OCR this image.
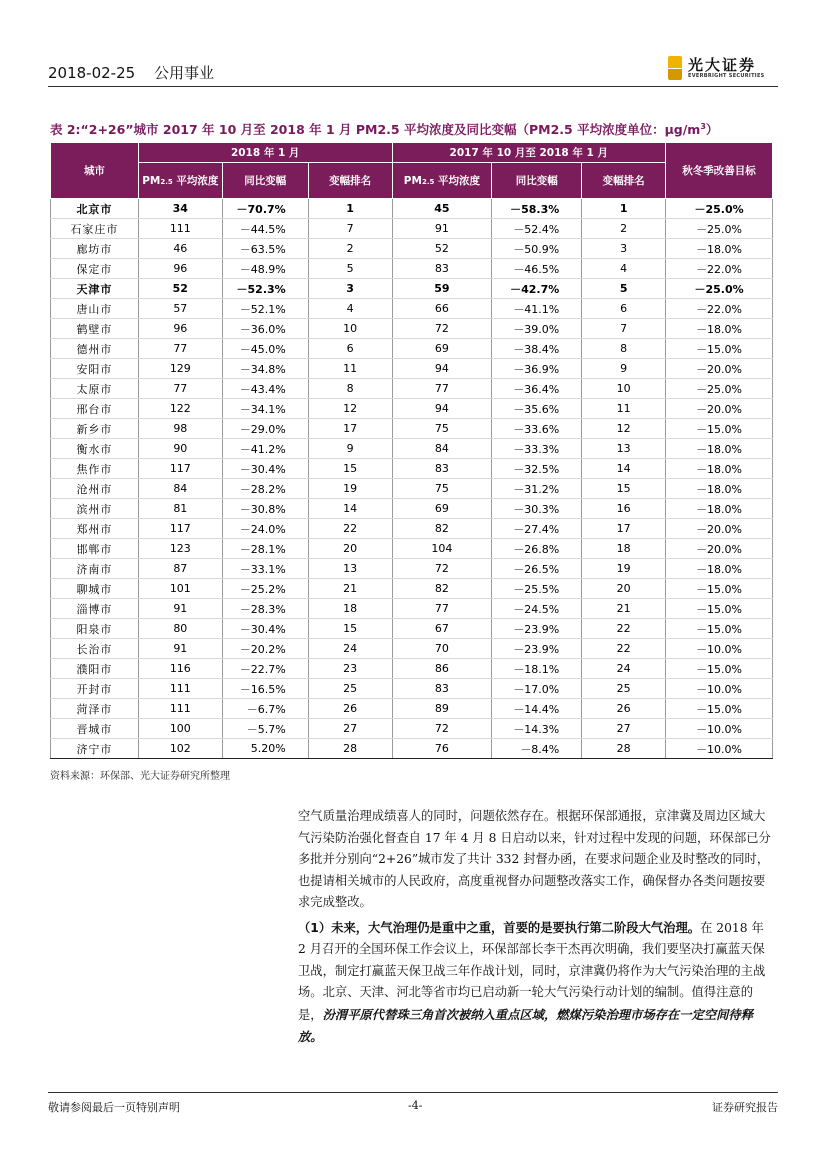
2018-02-25 公用事业	光大证券
EVERBRIGHT SECURITIES
表 2:“2+26”城市 2017 年 10 月至 2018 年 1 月 PM2.5 平均浓度及同比变幅（PM2.5 平均浓度单位：$\mu g/m^3$）
城市	2018 年 1 月			2017 年 10 月至 2018 年 1 月			秋冬季改善目标
	PM2.5 平均浓度	同比变幅	变幅排名	PM2.5 平均浓度	同比变幅	变幅排名	
北京市	34	－70.7%	1	45	－58.3%	1	－25.0%
石家庄市	111	－44.5%	7	91	－52.4%	2	－25.0%
廊坊市	46	－63.5%	2	52	－50.9%	3	－18.0%
保定市	96	－48.9%	5	83	－46.5%	4	－22.0%
天津市	52	－52.3%	3	59	－42.7%	5	－25.0%
唐山市	57	－52.1%	4	66	－41.1%	6	－22.0%
鹤壁市	96	－36.0%	10	72	－39.0%	7	－18.0%
德州市	77	－45.0%	6	69	－38.4%	8	－15.0%
安阳市	129	－34.8%	11	94	－36.9%	9	－20.0%
太原市	77	－43.4%	8	77	－36.4%	10	－25.0%
邢台市	122	－34.1%	12	94	－35.6%	11	－20.0%
新乡市	98	－29.0%	17	75	－33.6%	12	－15.0%
衡水市	90	－41.2%	9	84	－33.3%	13	－18.0%
焦作市	117	－30.4%	15	83	－32.5%	14	－18.0%
沧州市	84	－28.2%	19	75	－31.2%	15	－18.0%
滨州市	81	－30.8%	14	69	－30.3%	16	－18.0%
郑州市	117	－24.0%	22	82	－27.4%	17	－20.0%
邯郸市	123	－28.1%	20	104	－26.8%	18	－20.0%
济南市	87	－33.1%	13	72	－26.5%	19	－18.0%
聊城市	101	－25.2%	21	82	－25.5%	20	－15.0%
淄博市	91	－28.3%	18	77	－24.5%	21	－15.0%
阳泉市	80	－30.4%	15	67	－23.9%	22	－15.0%
长治市	91	－20.2%	24	70	－23.9%	22	－10.0%
濮阳市	116	－22.7%	23	86	－18.1%	24	－15.0%
开封市	111	－16.5%	25	83	－17.0%	25	－10.0%
菏泽市	111	－6.7%	26	89	－14.4%	26	－15.0%
晋城市	100	－5.7%	27	72	－14.3%	27	－10.0%
济宁市	102	5.20%	28	76	－8.4%	28	－10.0%
资料来源：环保部、光大证券研究所整理

空气质量治理成绩喜人的同时，问题依然存在。根据环保部通报，京津冀及周边区域大气污染防治强化督查自 17 年 4 月 8 日启动以来，针对过程中发现的问题，环保部已分多批并分别向“2+26”城市发了共计 332 封督办函，在要求问题企业及时整改的同时，也提请相关城市的人民政府，高度重视督办问题整改落实工作，确保督办各类问题按要求完成整改。

（1）未来，大气治理仍是重中之重，首要的是要执行第二阶段大气治理。在 2018 年 2 月召开的全国环保工作会议上，环保部部长李干杰再次明确，我们要坚决打赢蓝天保卫战，制定打赢蓝天保卫战三年作战计划，同时，京津冀仍将作为大气污染治理的主战场。北京、天津、河北等省市均已启动新一轮大气污染行动计划的编制。值得注意的是，汾渭平原代替珠三角首次被纳入重点区域，燃煤污染治理市场存在一定空间待释放。

敬请参阅最后一页特别声明	-4-	证券研究报告
